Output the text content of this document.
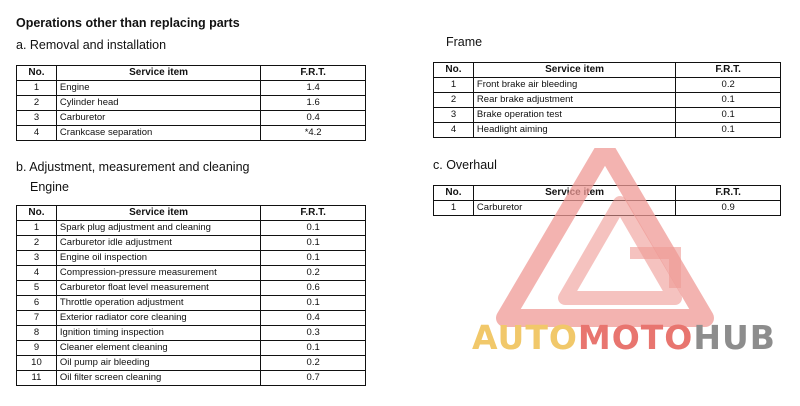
Operations other than replacing parts
a. Removal and installation
b. Adjustment, measurement and cleaning
Engine
Frame
c. Overhaul
No.	Service item	F.R.T.
1	Engine	1.4
2	Cylinder head	1.6
3	Carburetor	0.4
4	Crankcase separation	*4.2
No.	Service item	F.R.T.
1	Spark plug adjustment and cleaning	0.1
2	Carburetor idle adjustment	0.1
3	Engine oil inspection	0.1
4	Compression-pressure measurement	0.2
5	Carburetor float level measurement	0.6
6	Throttle operation adjustment	0.1
7	Exterior radiator core cleaning	0.4
8	Ignition timing inspection	0.3
9	Cleaner element cleaning	0.1
10	Oil pump air bleeding	0.2
11	Oil filter screen cleaning	0.7
No.	Service item	F.R.T.
1	Front brake air bleeding	0.2
2	Rear brake adjustment	0.1
3	Brake operation test	0.1
4	Headlight aiming	0.1
No.	Service item	F.R.T.
1	Carburetor	0.9
AUTOMOTOHUB
